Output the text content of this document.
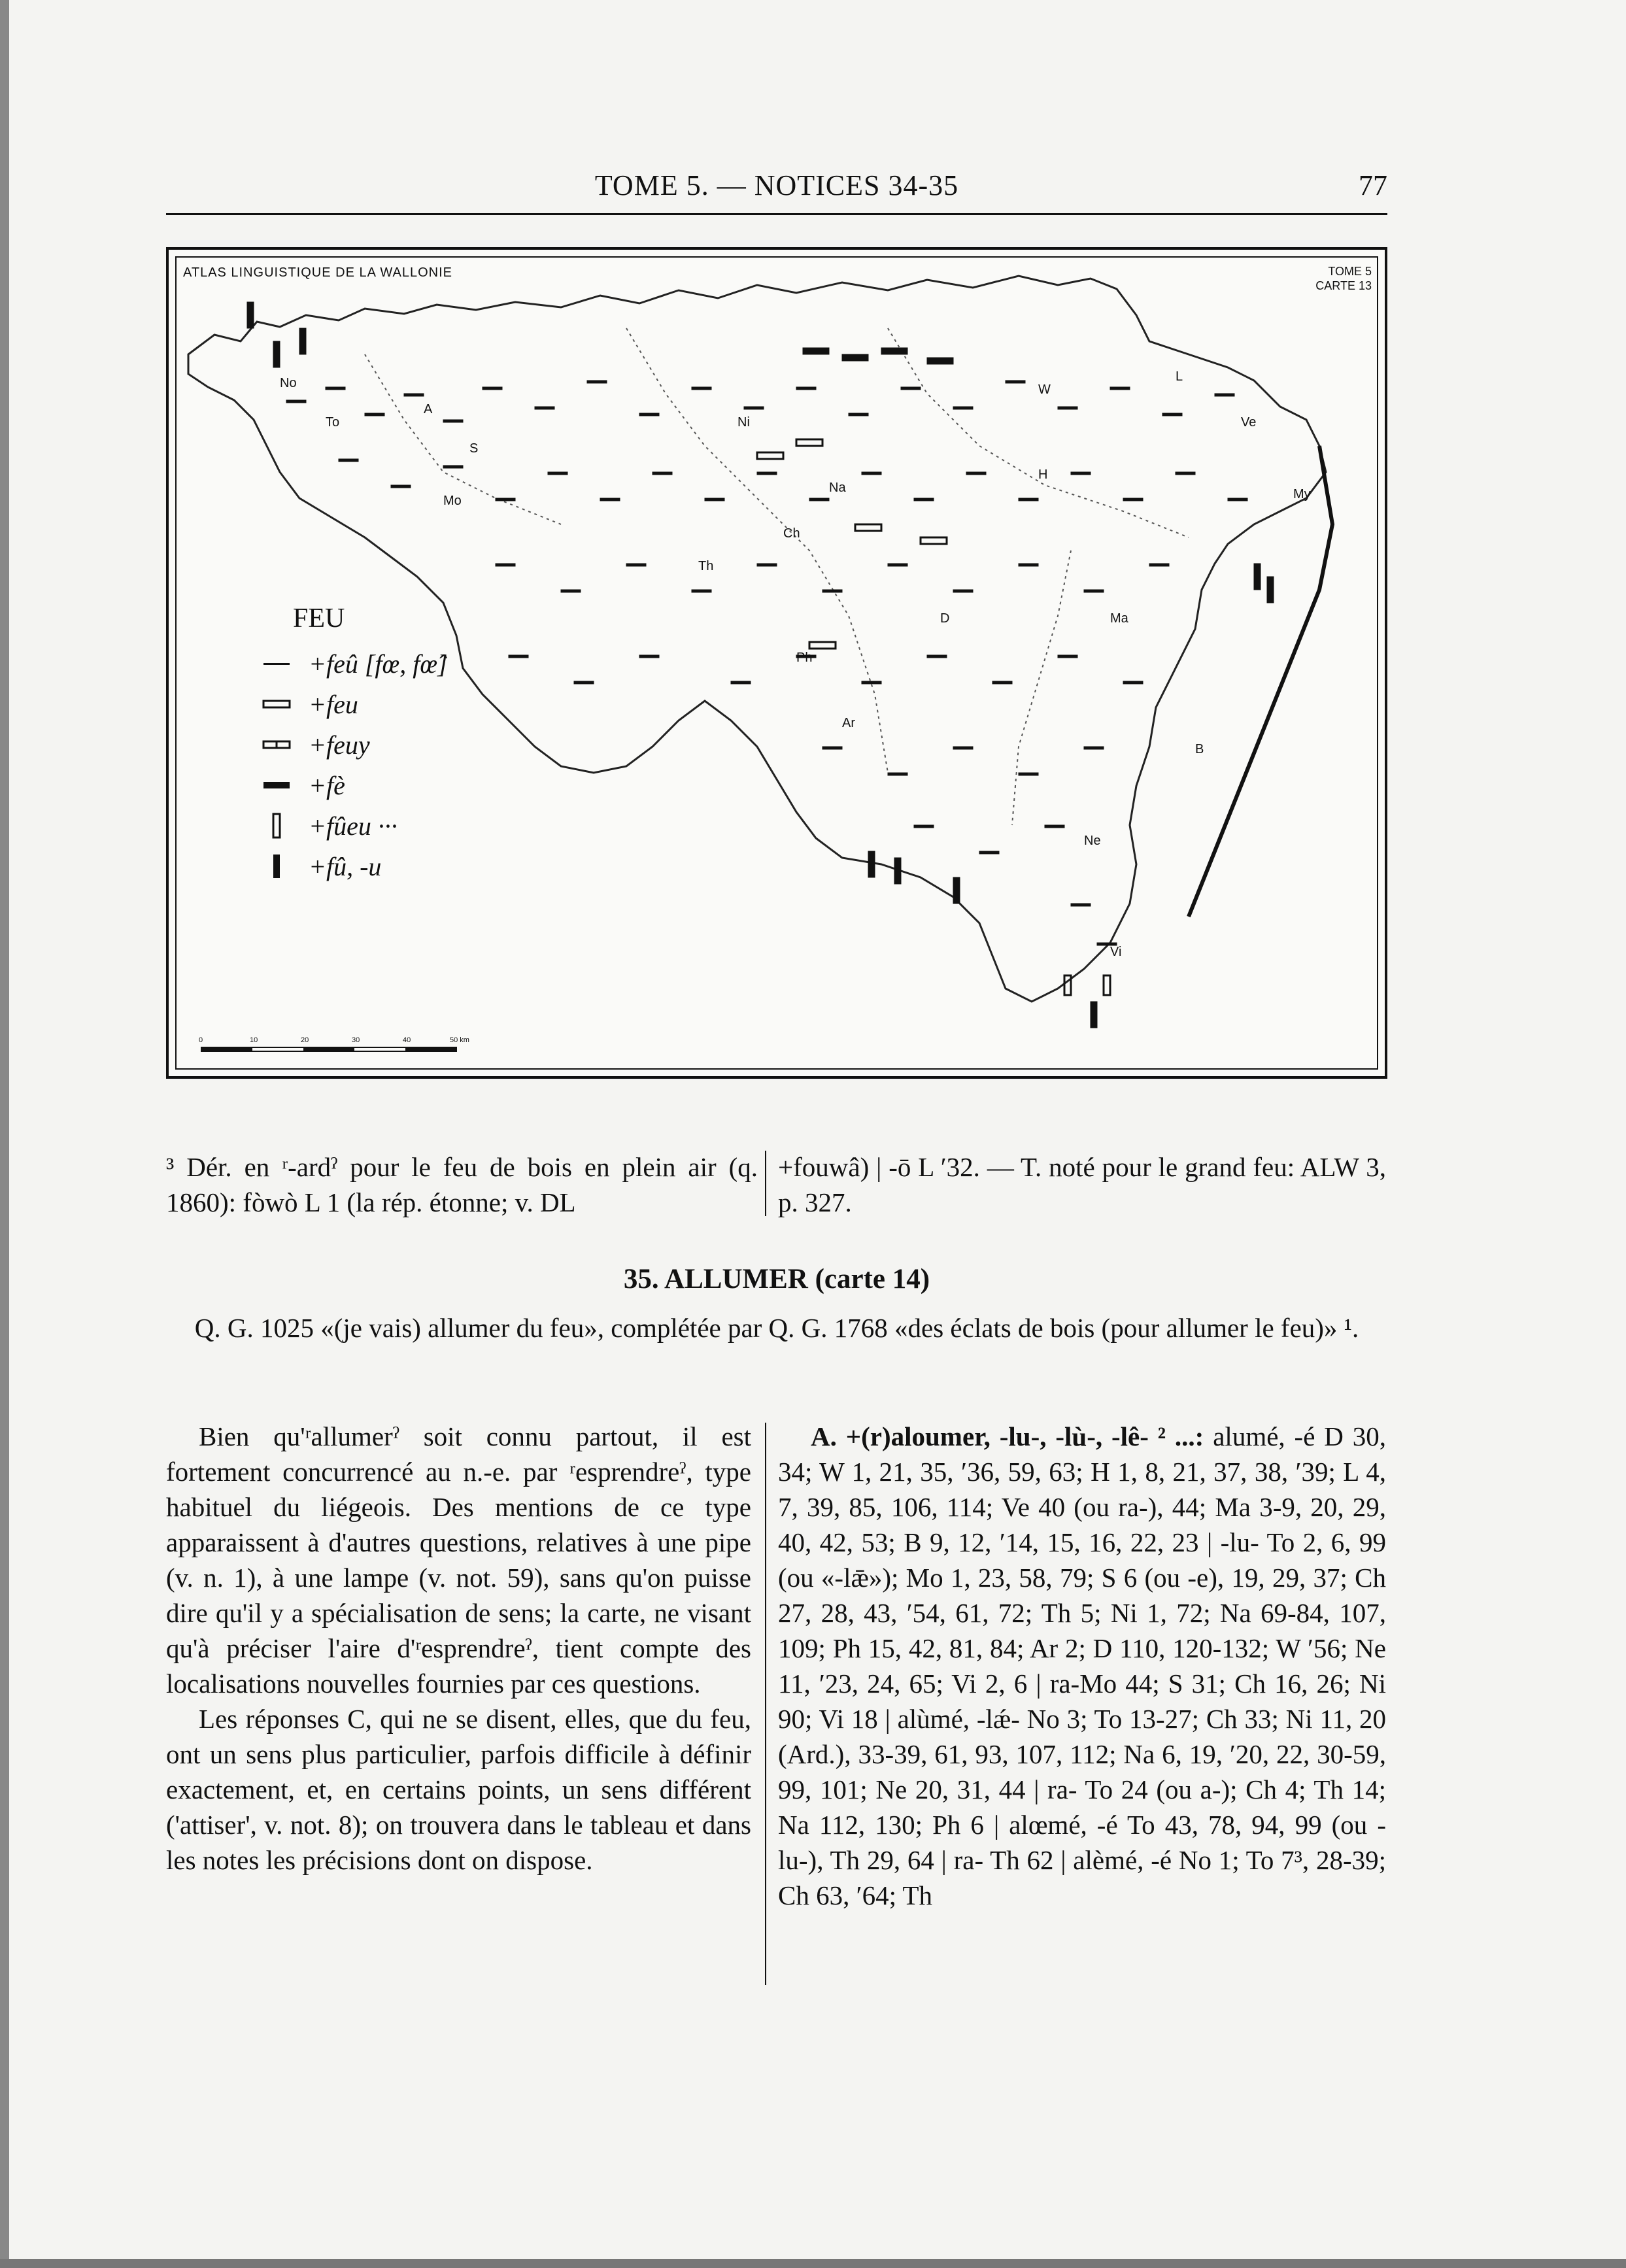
TOME 5. — NOTICES 34-35	77
ATLAS LINGUISTIQUE DE LA WALLONIE	TOME 5
CARTE 13
No
To
A
S
Mo
Ni
Ch
Th
Na
H
W
L
Ve
My
Ma
D
Ph
Ar
B
Ne
Vi
0	10	20	30	40	50 km
FEU
+feû [fœ, fœ̂]
+feu
+feuy
+fè
+fûeu ···
+fû, -u
³ Dér. en ʳ-ardˀ pour le feu de bois en plein air (q. 1860): fòwò L 1 (la rép. étonne; v. DL
+fouwâ) | -ō L ′32. — T. noté pour le grand feu: ALW 3, p. 327.
35. ALLUMER (carte 14)
Q. G. 1025 «(je vais) allumer du feu», complétée par Q. G. 1768 «des éclats de bois (pour allumer le feu)» ¹.

Bien qu'ʳallumerˀ soit connu partout, il est fortement concurrencé au n.-e. par ʳesprendreˀ, type habituel du liégeois. Des mentions de ce type apparaissent à d'autres questions, relatives à une pipe (v. n. 1), à une lampe (v. not. 59), sans qu'on puisse dire qu'il y a spécialisation de sens; la carte, ne visant qu'à préciser l'aire d'ʳesprendreˀ, tient compte des localisations nouvelles fournies par ces questions.

Les réponses C, qui ne se disent, elles, que du feu, ont un sens plus particulier, parfois difficile à définir exactement, et, en certains points, un sens différent ('attiser', v. not. 8); on trouvera dans le tableau et dans les notes les précisions dont on dispose.

A. +(r)aloumer, -lu-, -lù-, -lê- ² ...: alumé, -é D 30, 34; W 1, 21, 35, ′36, 59, 63; H 1, 8, 21, 37, 38, ′39; L 4, 7, 39, 85, 106, 114; Ve 40 (ou ra-), 44; Ma 3-9, 20, 29, 40, 42, 53; B 9, 12, ′14, 15, 16, 22, 23 | -lu- To 2, 6, 99 (ou «-lǣ»); Mo 1, 23, 58, 79; S 6 (ou -e), 19, 29, 37; Ch 27, 28, 43, ′54, 61, 72; Th 5; Ni 1, 72; Na 69-84, 107, 109; Ph 15, 42, 81, 84; Ar 2; D 110, 120-132; W ′56; Ne 11, ′23, 24, 65; Vi 2, 6 | ra-Mo 44; S 31; Ch 16, 26; Ni 90; Vi 18 | alùmé, -lǽ- No 3; To 13-27; Ch 33; Ni 11, 20 (Ard.), 33-39, 61, 93, 107, 112; Na 6, 19, ′20, 22, 30-59, 99, 101; Ne 20, 31, 44 | ra- To 24 (ou a-); Ch 4; Th 14; Na 112, 130; Ph 6 | alœmé, -é To 43, 78, 94, 99 (ou -lu-), Th 29, 64 | ra- Th 62 | alèmé, -é No 1; To 7³, 28-39; Ch 63, ′64; Th
